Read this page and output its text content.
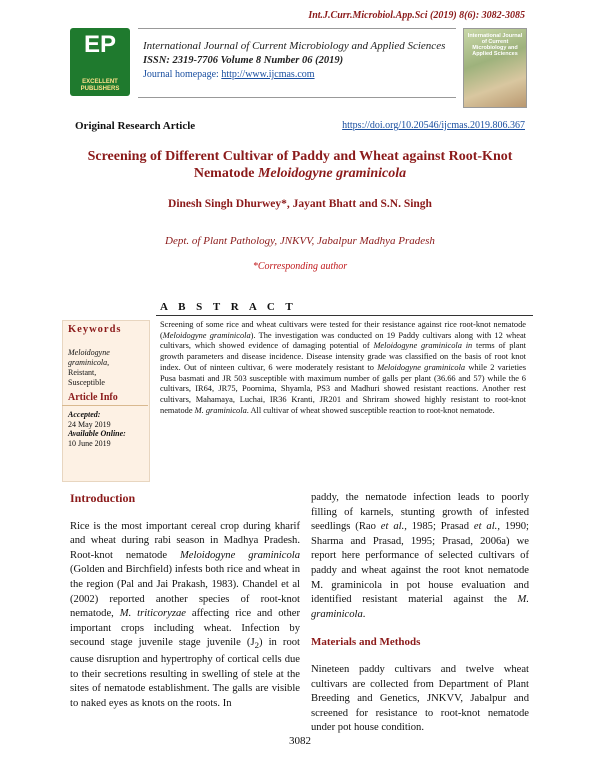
Int.J.Curr.Microbiol.App.Sci (2019) 8(6): 3082-3085
EP
EXCELLENT PUBLISHERS
International Journal of Current Microbiology and Applied Sciences
ISSN: 2319-7706 Volume 8 Number 06 (2019)
Journal homepage: http://www.ijcmas.com
International Journal of Current Microbiology and Applied Sciences
Original Research Article	https://doi.org/10.20546/ijcmas.2019.806.367
Screening of Different Cultivar of Paddy and Wheat against Root-Knot Nematode Meloidogyne graminicola
Dinesh Singh Dhurwey*, Jayant Bhatt and S.N. Singh
Dept. of Plant Pathology, JNKVV, Jabalpur Madhya Pradesh
*Corresponding author
A B S T R A C T
Keywords
Meloidogyne
graminicola,
Reistant,
Susceptible
Article Info
Accepted:
24 May 2019
Available Online:
10 June 2019
Screening of some rice and wheat cultivars were tested for their resistance against rice root-knot nematode (Meloidogyne graminicola). The investigation was conducted on 19 Paddy cultivars along with 12 wheat cultivars, which showed evidence of damaging potential of Meloidogyne graminicola in terms of plant growth parameters and disease incidence. Disease intensity grade was classified on the basis of root knot index. Out of ninteen cultivar, 6 were moderately resistant to Meloidogyne graminicola while 2 varieties Pusa basmati and JR 503 susceptible with maximum number of galls per plant (36.66 and 57) while the 6 cultivars, IR64, JR75, Poornima, Shyamla, PS3 and Madhuri showed resistant reactions. Another rest cultivars, Mahamaya, Luchai, IR36 Kranti, JR201 and Shriram showed highly resistant to root-knot nematode M. graminicola. All cultivar of wheat showed susceptible reaction to root-knot nematode.
Introduction

Rice is the most important cereal crop during kharif and wheat during rabi season in Madhya Pradesh. Root-knot nematode Meloidogyne graminicola (Golden and Birchfield) infests both rice and wheat in the region (Pal and Jai Prakash, 1983). Chandel et al (2002) reported another species of root-knot nematode, M. triticoryzae affecting rice and other important crops including wheat. Infection by secound stage juvenile stage juvenile $(J_2)$ in root cause disruption and hypertrophy of cortical cells due to their secretions resulting in swelling of stele at the sites of nematode establishment. The galls are visible to naked eyes as knots on the roots. In

paddy, the nematode infection leads to poorly filling of karnels, stunting growth of infested seedlings (Rao et al., 1985; Prasad et al., 1990; Sharma and Prasad, 1995; Prasad, 2006a) we report here performance of selected cultivars of paddy and wheat against the root knot nematode M. graminicola in pot house evaluation and identified resistant material against the M. graminicola.

Materials and Methods

Nineteen paddy cultivars and twelve wheat cultivars are collected from Department of Plant Breeding and Genetics, JNKVV, Jabalpur and screened for resistance to root-knot nematode under pot house condition.

3082
